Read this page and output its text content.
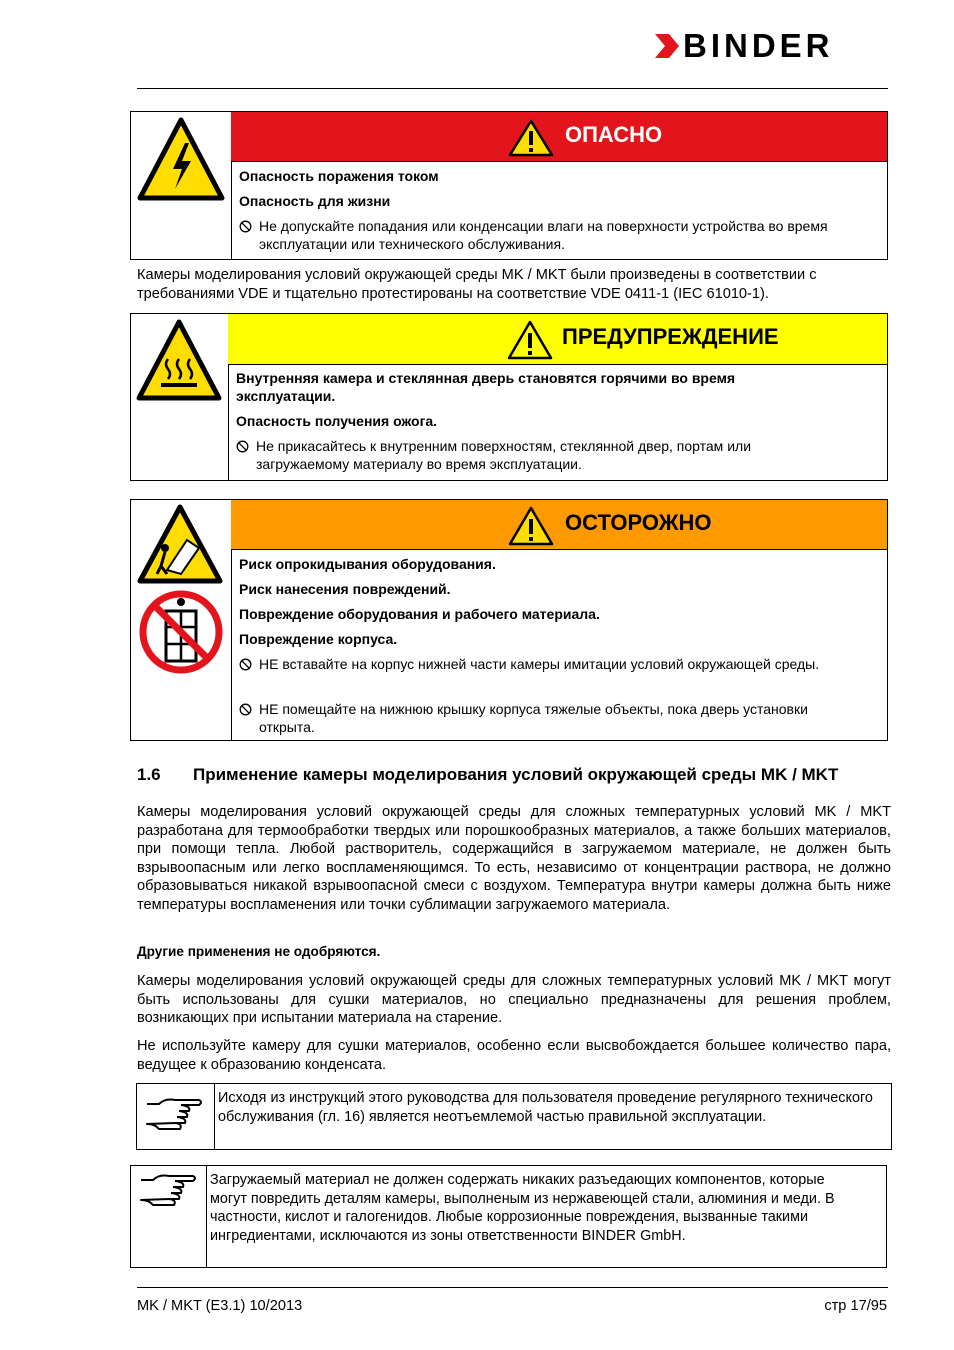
BINDER
ОПАСНО
Опасность поражения током
Опасность для жизни
Не допускайте попадания или конденсации влаги на поверхности устройства во время эксплуатации или технического обслуживания.

Камеры моделирования условий окружающей среды MK / MKT были произведены в соответствии с требованиями VDE и тщательно протестированы на соответствие VDE 0411-1 (IEC 61010-1).

ПРЕДУПРЕЖДЕНИЕ
Внутренняя камера и стеклянная дверь становятся горячими во время эксплуатации.
Опасность получения ожога.
Не прикасайтесь к внутренним поверхностям, стеклянной двер, портам или загружаемому материалу во время эксплуатации.
ОСТОРОЖНО
Риск опрокидывания оборудования.
Риск нанесения повреждений.
Повреждение оборудования и рабочего материала.
Повреждение корпуса.
НЕ вставайте на корпус нижней части камеры имитации условий окружающей среды.
НЕ помещайте на нижнюю крышку корпуса тяжелые объекты, пока дверь установки открыта.
1.6 Применение камеры моделирования условий окружающей среды MK / MKT

Камеры моделирования условий окружающей среды для сложных температурных условий MK / MKT разработана для термообработки твердых или порошкообразных материалов, а также больших материалов, при помощи тепла. Любой растворитель, содержащийся в загружаемом материале, не должен быть взрывоопасным или легко воспламеняющимся. То есть, независимо от концентрации раствора, не должно образовываться никакой взрывоопасной смеси с воздухом. Температура внутри камеры должна быть ниже температуры воспламенения или точки сублимации загружаемого материала.

Другие применения не одобряются.

Камеры моделирования условий окружающей среды для сложных температурных условий MK / MKT могут быть использованы для сушки материалов, но специально предназначены для решения проблем, возникающих при испытании материала на старение.

Не используйте камеру для сушки материалов, особенно если высвобождается большее количество пара, ведущее к образованию конденсата.

Исходя из инструкций этого руководства для пользователя проведение регулярного технического обслуживания (гл. 16) является неотъемлемой частью правильной эксплуатации.
Загружаемый материал не должен содержать никаких разъедающих компонентов, которые могут повредить деталям камеры, выполненым из нержавеющей стали, алюминия и меди. В частности, кислот и галогенидов. Любые коррозионные повреждения, вызванные такими ингредиентами, исключаются из зоны ответственности BINDER GmbH.
MK / MKT (E3.1) 10/2013	стр 17/95
